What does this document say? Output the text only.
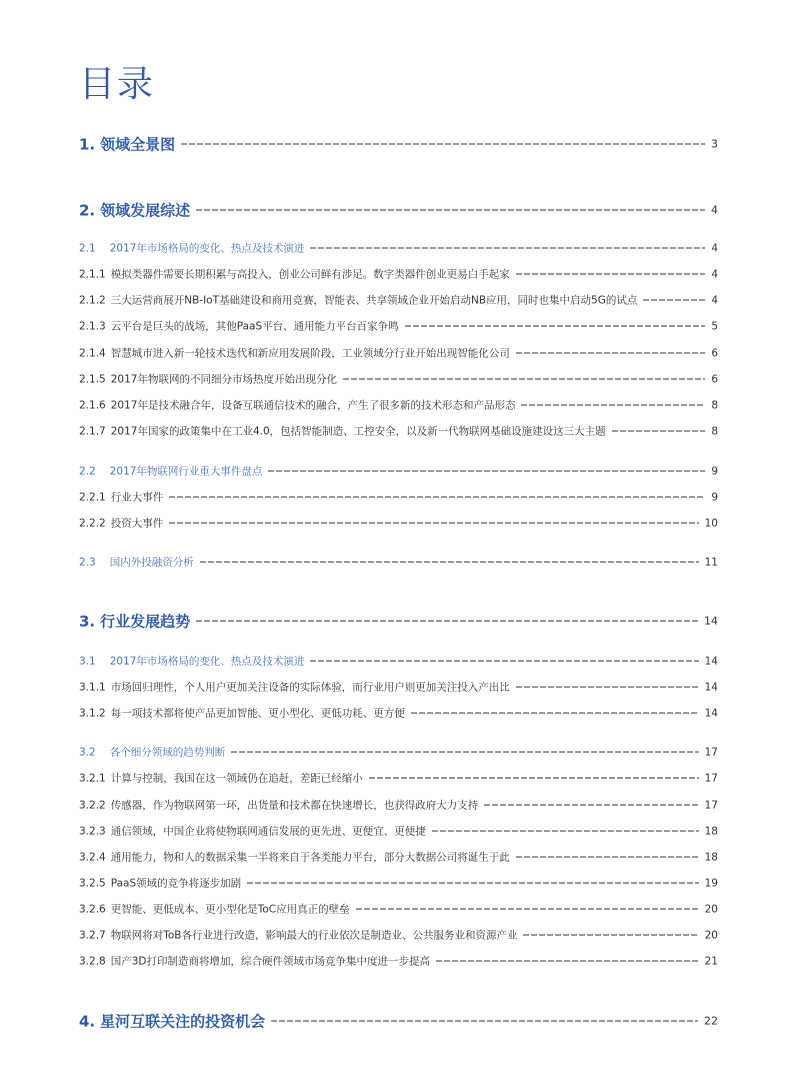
目录
1. 领域全景图	3
2. 领域发展综述	4
2.1 2017年市场格局的变化、热点及技术演进	4
2.1.1 模拟类器件需要长期积累与高投入，创业公司鲜有涉足。数字类器件创业更易白手起家	4
2.1.2 三大运营商展开NB-IoT基础建设和商用竞赛，智能表、共享领域企业开始启动NB应用，同时也集中启动5G的试点	4
2.1.3 云平台是巨头的战场，其他PaaS平台、通用能力平台百家争鸣	5
2.1.4 智慧城市进入新一轮技术迭代和新应用发展阶段，工业领域分行业开始出现智能化公司	6
2.1.5 2017年物联网的不同细分市场热度开始出现分化	6
2.1.6 2017年是技术融合年，设备互联通信技术的融合，产生了很多新的技术形态和产品形态	8
2.1.7 2017年国家的政策集中在工业4.0，包括智能制造、工控安全，以及新一代物联网基础设施建设这三大主题	8
2.2 2017年物联网行业重大事件盘点	9
2.2.1 行业大事件	9
2.2.2 投资大事件	10
2.3 国内外投融资分析	11
3. 行业发展趋势	14
3.1 2017年市场格局的变化、热点及技术演进	14
3.1.1 市场回归理性，个人用户更加关注设备的实际体验，而行业用户则更加关注投入产出比	14
3.1.2 每一项技术都将使产品更加智能、更小型化、更低功耗、更方便	14
3.2 各个细分领域的趋势判断	17
3.2.1 计算与控制，我国在这一领域仍在追赶，差距已经缩小	17
3.2.2 传感器，作为物联网第一环，出货量和技术都在快速增长，也获得政府大力支持	17
3.2.3 通信领域，中国企业将使物联网通信发展的更先进、更便宜、更便捷	18
3.2.4 通用能力，物和人的数据采集一半将来自于各类能力平台，部分大数据公司将诞生于此	18
3.2.5 PaaS领域的竞争将逐步加剧	19
3.2.6 更智能、更低成本、更小型化是ToC应用真正的壁垒	20
3.2.7 物联网将对ToB各行业进行改造，影响最大的行业依次是制造业、公共服务业和资源产业	20
3.2.8 国产3D打印制造商将增加，综合硬件领域市场竞争集中度进一步提高	21
4. 星河互联关注的投资机会	22
